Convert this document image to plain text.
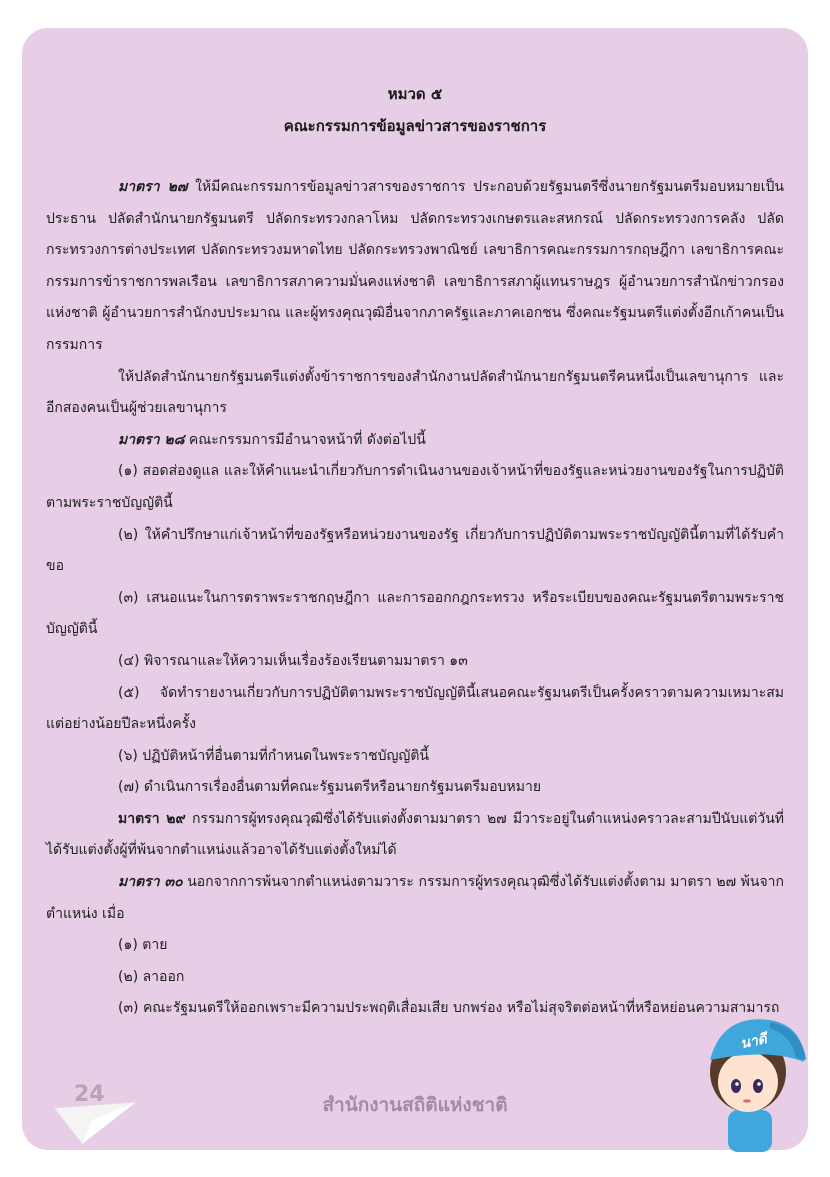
หมวด ๕
คณะกรรมการข้อมูลข่าวสารของราชการ

มาตรา ๒๗ ให้มีคณะกรรมการข้อมูลข่าวสารของราชการ ประกอบด้วยรัฐมนตรีซึ่งนายกรัฐมนตรีมอบหมายเป็นประธาน ปลัดสำนักนายกรัฐมนตรี ปลัดกระทรวงกลาโหม ปลัดกระทรวงเกษตรและสหกรณ์ ปลัดกระทรวงการคลัง ปลัดกระทรวงการต่างประเทศ ปลัดกระทรวงมหาดไทย ปลัดกระทรวงพาณิชย์ เลขาธิการคณะกรรมการกฤษฎีกา เลขาธิการคณะกรรมการข้าราชการพลเรือน เลขาธิการสภาความมั่นคงแห่งชาติ เลขาธิการสภาผู้แทนราษฎร ผู้อำนวยการสำนักข่าวกรองแห่งชาติ ผู้อำนวยการสำนักงบประมาณ และผู้ทรงคุณวุฒิอื่นจากภาครัฐและภาคเอกชน ซึ่งคณะรัฐมนตรีแต่งตั้งอีกเก้าคนเป็นกรรมการ

ให้ปลัดสำนักนายกรัฐมนตรีแต่งตั้งข้าราชการของสำนักงานปลัดสำนักนายกรัฐมนตรีคนหนึ่งเป็นเลขานุการ และอีกสองคนเป็นผู้ช่วยเลขานุการ

มาตรา ๒๘ คณะกรรมการมีอำนาจหน้าที่ ดังต่อไปนี้

(๑) สอดส่องดูแล และให้คำแนะนำเกี่ยวกับการดำเนินงานของเจ้าหน้าที่ของรัฐและหน่วยงานของรัฐในการปฏิบัติตามพระราชบัญญัตินี้

(๒) ให้คำปรึกษาแก่เจ้าหน้าที่ของรัฐหรือหน่วยงานของรัฐ เกี่ยวกับการปฏิบัติตามพระราชบัญญัตินี้ตามที่ได้รับคำขอ

(๓) เสนอแนะในการตราพระราชกฤษฎีกา และการออกกฎกระทรวง หรือระเบียบของคณะรัฐมนตรีตามพระราชบัญญัตินี้

(๔) พิจารณาและให้ความเห็นเรื่องร้องเรียนตามมาตรา ๑๓

(๕) จัดทำรายงานเกี่ยวกับการปฏิบัติตามพระราชบัญญัตินี้เสนอคณะรัฐมนตรีเป็นครั้งคราวตามความเหมาะสม แต่อย่างน้อยปีละหนึ่งครั้ง

(๖) ปฏิบัติหน้าที่อื่นตามที่กำหนดในพระราชบัญญัตินี้

(๗) ดำเนินการเรื่องอื่นตามที่คณะรัฐมนตรีหรือนายกรัฐมนตรีมอบหมาย

มาตรา ๒๙ กรรมการผู้ทรงคุณวุฒิซึ่งได้รับแต่งตั้งตามมาตรา ๒๗ มีวาระอยู่ในตำแหน่งคราวละสามปีนับแต่วันที่ได้รับแต่งตั้งผู้ที่พ้นจากตำแหน่งแล้วอาจได้รับแต่งตั้งใหม่ได้

มาตรา ๓๐ นอกจากการพ้นจากตำแหน่งตามวาระ กรรมการผู้ทรงคุณวุฒิซึ่งได้รับแต่งตั้งตาม มาตรา ๒๗ พ้นจากตำแหน่ง เมื่อ

(๑) ตาย

(๒) ลาออก

(๓) คณะรัฐมนตรีให้ออกเพราะมีความประพฤติเสื่อมเสีย บกพร่อง หรือไม่สุจริตต่อหน้าที่หรือหย่อนความสามารถ

24	สำนักงานสถิติแห่งชาติ
นาดี
